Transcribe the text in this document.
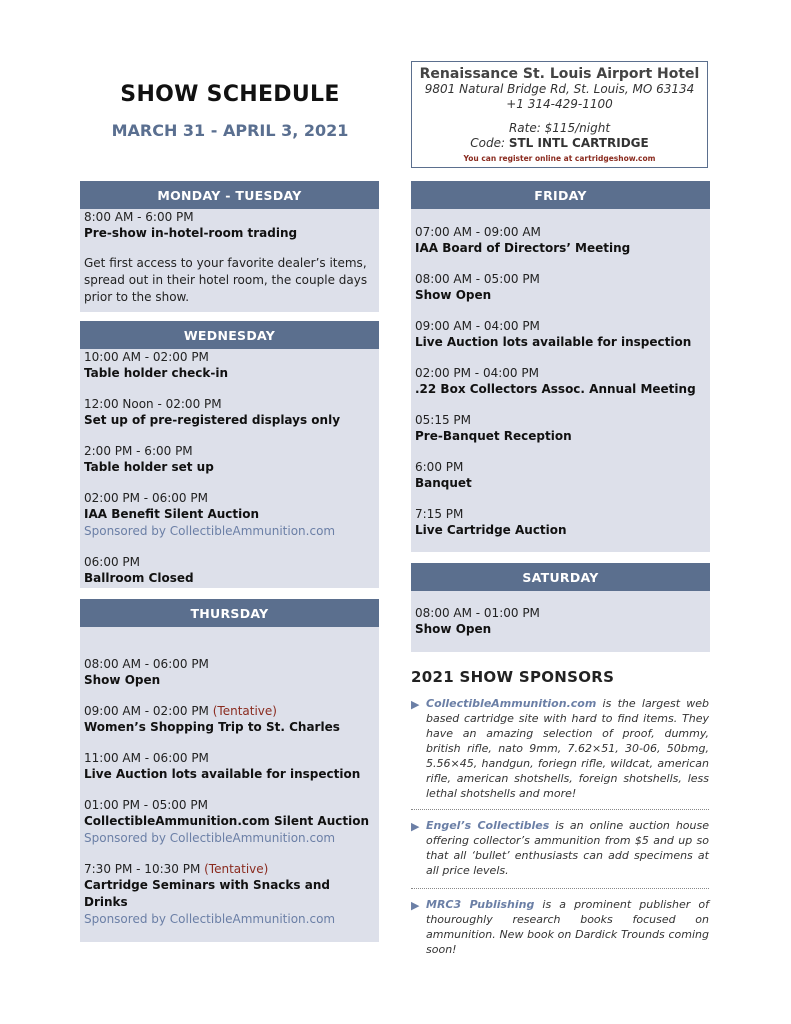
SHOW SCHEDULE
MARCH 31 - APRIL 3, 2021
Renaissance St. Louis Airport Hotel
9801 Natural Bridge Rd, St. Louis, MO 63134
+1 314-429-1100
Rate: $115/night
Code: STL INTL CARTRIDGE
You can register online at cartridgeshow.com
MONDAY - TUESDAY
8:00 AM - 6:00 PM
Pre-show in-hotel-room trading
Get first access to your favorite dealer’s items, spread out in their hotel room, the couple days prior to the show.
WEDNESDAY
10:00 AM - 02:00 PM
Table holder check-in
12:00 Noon - 02:00 PM
Set up of pre-registered displays only
2:00 PM - 6:00 PM
Table holder set up
02:00 PM - 06:00 PM
IAA Benefit Silent Auction
Sponsored by CollectibleAmmunition.com
06:00 PM
Ballroom Closed
THURSDAY
08:00 AM - 06:00 PM
Show Open
09:00 AM - 02:00 PM (Tentative)
Women’s Shopping Trip to St. Charles
11:00 AM - 06:00 PM
Live Auction lots available for inspection
01:00 PM - 05:00 PM
CollectibleAmmunition.com Silent Auction
Sponsored by CollectibleAmmunition.com
7:30 PM - 10:30 PM (Tentative)
Cartridge Seminars with Snacks and Drinks
Sponsored by CollectibleAmmunition.com
FRIDAY
07:00 AM - 09:00 AM
IAA Board of Directors’ Meeting
08:00 AM - 05:00 PM
Show Open
09:00 AM - 04:00 PM
Live Auction lots available for inspection
02:00 PM - 04:00 PM
.22 Box Collectors Assoc. Annual Meeting
05:15 PM
Pre-Banquet Reception
6:00 PM
Banquet
7:15 PM
Live Cartridge Auction
SATURDAY
08:00 AM - 01:00 PM
Show Open
2021 SHOW SPONSORS
▶ CollectibleAmmunition.com is the largest web based cartridge site with hard to find items. They have an amazing selection of proof, dummy, british rifle, nato 9mm, 7.62×51, 30-06, 50bmg, 5.56×45, handgun, foriegn rifle, wildcat, american rifle, american shotshells, foreign shotshells, less lethal shotshells and more!
▶ Engel’s Collectibles is an online auction house offering collector’s ammunition from $5 and up so that all ‘bullet’ enthusiasts can add specimens at all price levels.
▶ MRC3 Publishing is a prominent publisher of thouroughly research books focused on ammunition. New book on Dardick Trounds coming soon!
